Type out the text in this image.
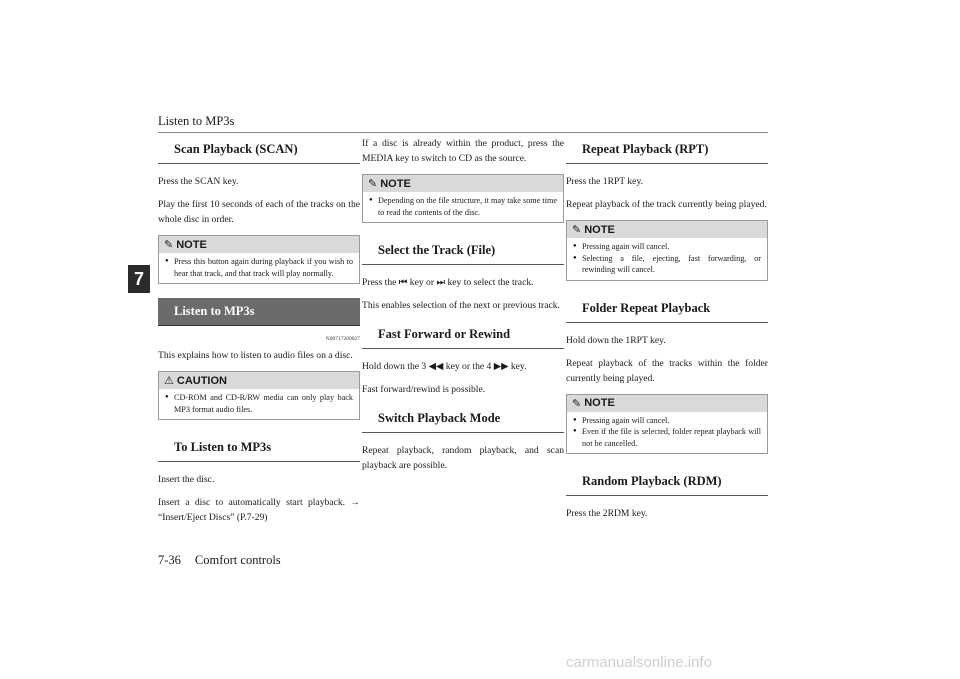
Listen to MP3s
7
Scan Playback (SCAN)

Press the SCAN key.

Play the first 10 seconds of each of the tracks on the whole disc in order.

✎ NOTE
● Press this button again during playback if you wish to hear that track, and that track will play normally.
Listen to MP3s
N00717200027

This explains how to listen to audio files on a disc.

⚠ CAUTION
● CD-ROM and CD-R/RW media can only play back MP3 format audio files.
To Listen to MP3s

Insert the disc.

Insert a disc to automatically start playback. → “Insert/Eject Discs” (P.7-29)

If a disc is already within the product, press the MEDIA key to switch to CD as the source.

✎ NOTE
● Depending on the file structure, it may take some time to read the contents of the disc.
Select the Track (File)

Press the ⏮ key or ⏭ key to select the track.

This enables selection of the next or previous track.

Fast Forward or Rewind

Hold down the 3 ◀◀ key or the 4 ▶▶ key.

Fast forward/rewind is possible.

Switch Playback Mode

Repeat playback, random playback, and scan playback are possible.

Repeat Playback (RPT)

Press the 1RPT key.

Repeat playback of the track currently being played.

✎ NOTE
● Pressing again will cancel.
● Selecting a file, ejecting, fast forwarding, or rewinding will cancel.
Folder Repeat Playback

Hold down the 1RPT key.

Repeat playback of the tracks within the folder currently being played.

✎ NOTE
● Pressing again will cancel.
● Even if the file is selected, folder repeat playback will not be cancelled.
Random Playback (RDM)

Press the 2RDM key.

7-36 Comfort controls
carmanualsonline.info
